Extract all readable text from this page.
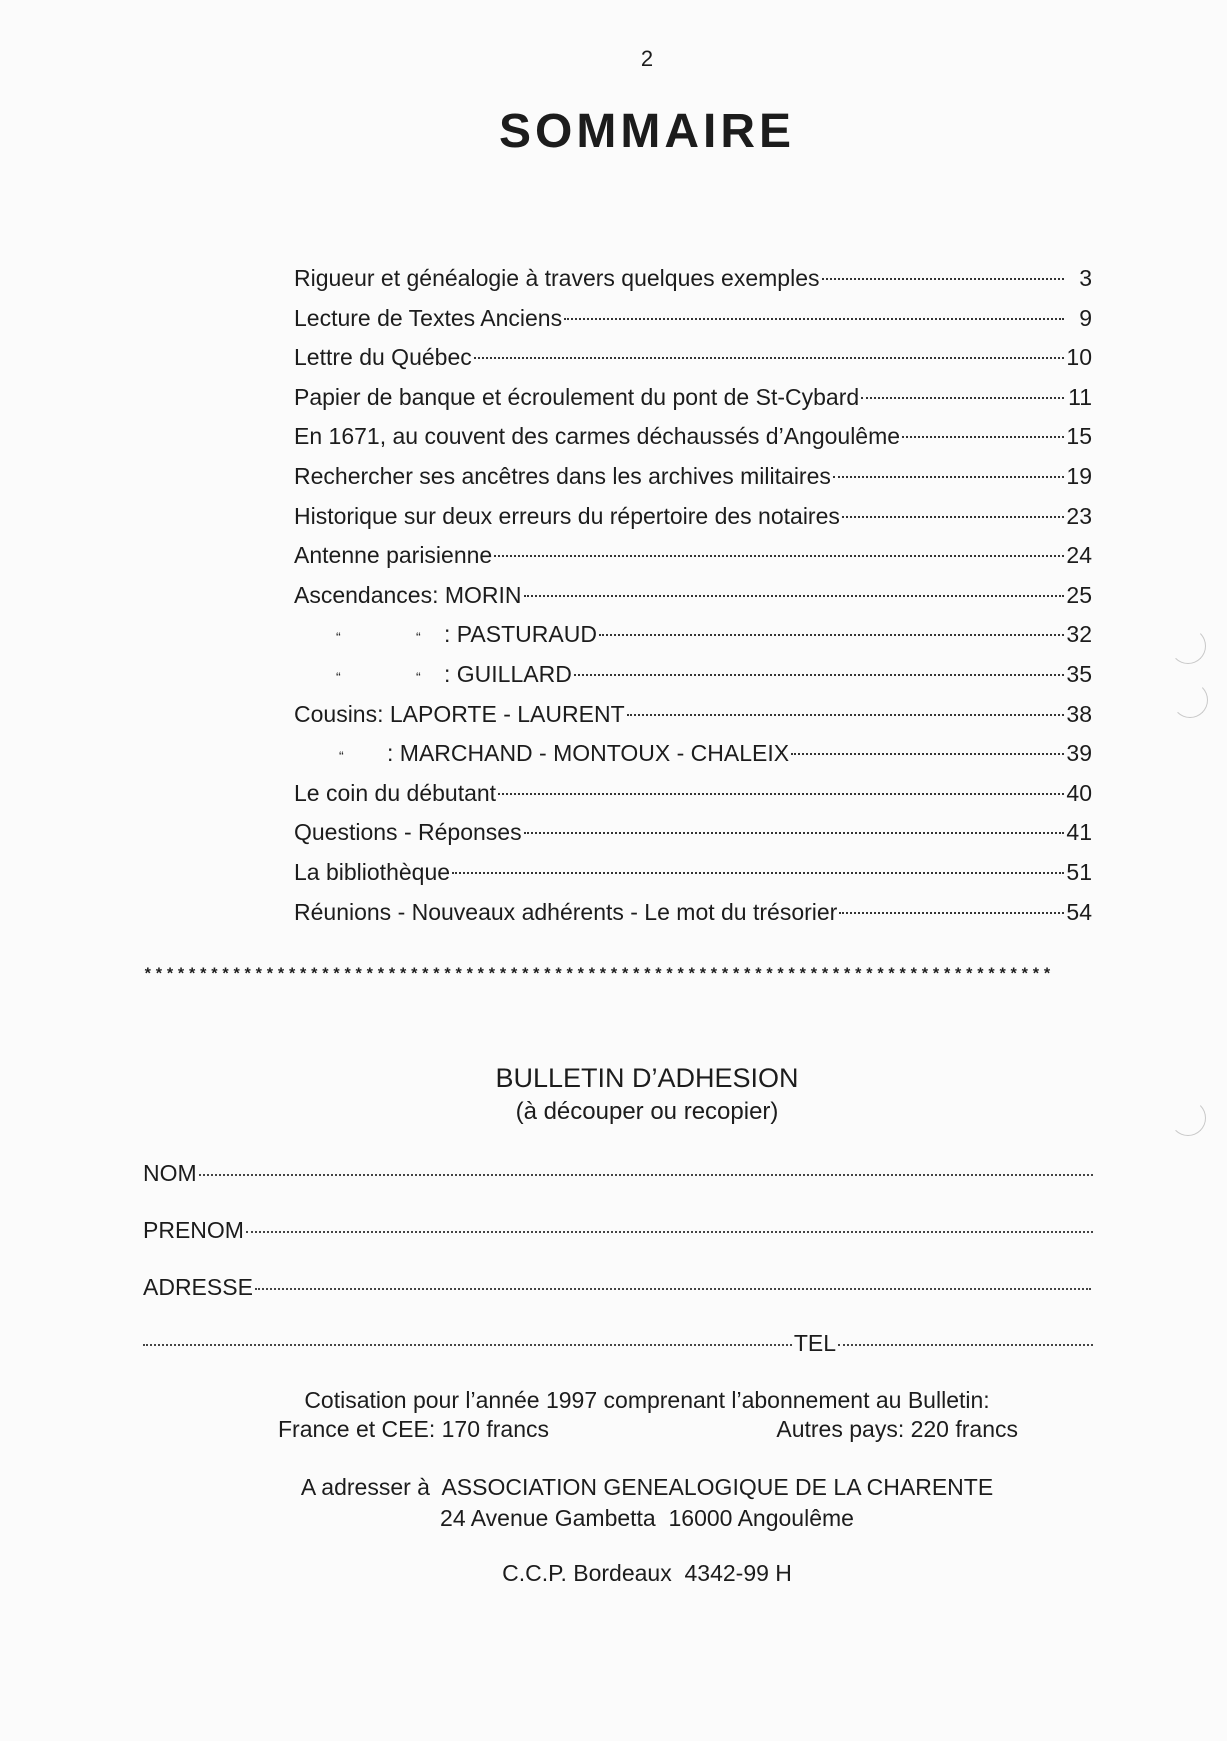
2
SOMMAIRE
Rigueur et généalogie à travers quelques exemples	3
Lecture de Textes Anciens	9
Lettre du Québec	10
Papier de banque et écroulement du pont de St-Cybard	11
En 1671, au couvent des carmes déchaussés d’Angoulême	15
Rechercher ses ancêtres dans les archives militaires	19
Historique sur deux erreurs du répertoire des notaires	23
Antenne parisienne	24
Ascendances: MORIN	25
“	“ : PASTURAUD	32
“	“ : GUILLARD	35
Cousins: LAPORTE - LAURENT	38
“ : MARCHAND - MONTOUX - CHALEIX	39
Le coin du débutant	40
Questions - Réponses	41
La bibliothèque	51
Réunions - Nouveaux adhérents - Le mot du trésorier	54
**********************************************************************************
BULLETIN D’ADHESION
(à découper ou recopier)
NOM
PRENOM
ADRESSE
TEL
Cotisation pour l’année 1997 comprenant l’abonnement au Bulletin:
France et CEE: 170 francs	Autres pays: 220 francs
A adresser à  ASSOCIATION GENEALOGIQUE DE LA CHARENTE
24 Avenue Gambetta  16000 Angoulême
C.C.P. Bordeaux  4342-99 H
